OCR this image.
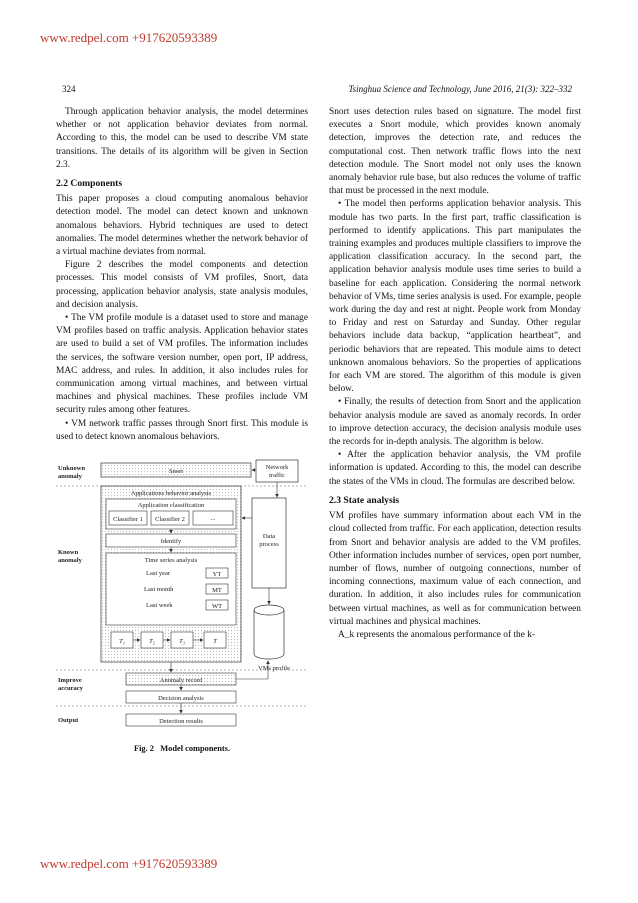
www.redpel.com +917620593389
324	Tsinghua Science and Technology, June 2016, 21(3): 322–332

Through application behavior analysis, the model determines whether or not application behavior deviates from normal. According to this, the model can be used to describe VM state transitions. The details of its algorithm will be given in Section 2.3.

2.2 Components

This paper proposes a cloud computing anomalous behavior detection model. The model can detect known and unknown anomalous behaviors. Hybrid techniques are used to detect anomalies. The model determines whether the network behavior of a virtual machine deviates from normal.

Figure 2 describes the model components and detection processes. This model consists of VM profiles, Snort, data processing, application behavior analysis, state analysis modules, and decision analysis.

• The VM profile module is a dataset used to store and manage VM profiles based on traffic analysis. Application behavior states are used to build a set of VM profiles. The information includes the services, the software version number, open port, IP address, MAC address, and rules. In addition, it also includes rules for communication among virtual machines, and between virtual machines and physical machines. These profiles include VM security rules among other features.

• VM network traffic passes through Snort first. This module is used to detect known anomalous behaviors.

Unknown
anomaly
Known
anomaly
Improve
accuracy
Output
Snort
Network
traffic
Applications behavior analysis
Application classification
Classifier 1 Classifier 2	...
Identify
Time series analysis
Last year
Last month
Last week
YT
MT
WT
T₁	T₂	T₃	T
Data
process
VMs profile
Anomaly record
Decision analysis
Detection results
Fig. 2 Model components.

Snort uses detection rules based on signature. The model first executes a Snort module, which provides known anomaly detection, improves the detection rate, and reduces the computational cost. Then network traffic flows into the next detection module. The Snort model not only uses the known anomaly behavior rule base, but also reduces the volume of traffic that must be processed in the next module.

• The model then performs application behavior analysis. This module has two parts. In the first part, traffic classification is performed to identify applications. This part manipulates the training examples and produces multiple classifiers to improve the application classification accuracy. In the second part, the application behavior analysis module uses time series to build a baseline for each application. Considering the normal network behavior of VMs, time series analysis is used. For example, people work during the day and rest at night. People work from Monday to Friday and rest on Saturday and Sunday. Other regular behaviors include data backup, “application heartbeat”, and periodic behaviors that are repeated. This module aims to detect unknown anomalous behaviors. So the properties of applications for each VM are stored. The algorithm of this module is given below.

• Finally, the results of detection from Snort and the application behavior analysis module are saved as anomaly records. In order to improve detection accuracy, the decision analysis module uses the records for in-depth analysis. The algorithm is below.

• After the application behavior analysis, the VM profile information is updated. According to this, the model can describe the states of the VMs in cloud. The formulas are described below.

2.3 State analysis

VM profiles have summary information about each VM in the cloud collected from traffic. For each application, detection results from Snort and behavior analysis are added to the VM profiles. Other information includes number of services, open port number, number of flows, number of outgoing connections, number of incoming connections, maximum value of each connection, and duration. In addition, it also includes rules for communication between virtual machines, as well as for communication between virtual machines and physical machines.

A_k represents the anomalous performance of the k-

www.redpel.com +917620593389
